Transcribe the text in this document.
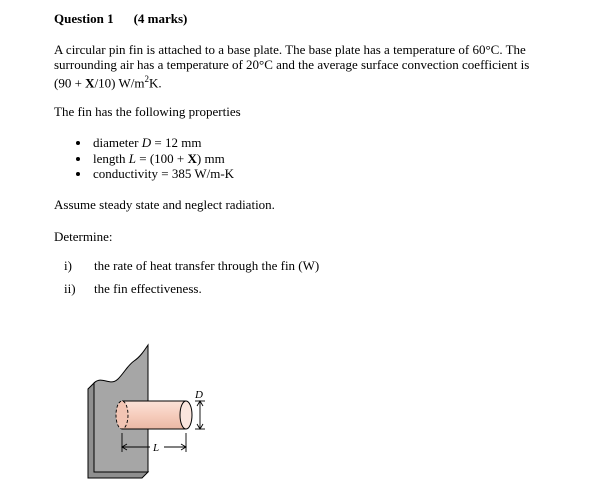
Question 1 (4 marks)
A circular pin fin is attached to a base plate. The base plate has a temperature of 60°C. The
surrounding air has a temperature of 20°C and the average surface convection coefficient is
(90 + X/10) $W/m^2K$.
The fin has the following properties
diameter D = 12 mm
length L = (100 + X) mm
conductivity = 385 W/m-K
Assume steady state and neglect radiation.
Determine:
i) the rate of heat transfer through the fin (W)
ii) the fin effectiveness.
D
L
